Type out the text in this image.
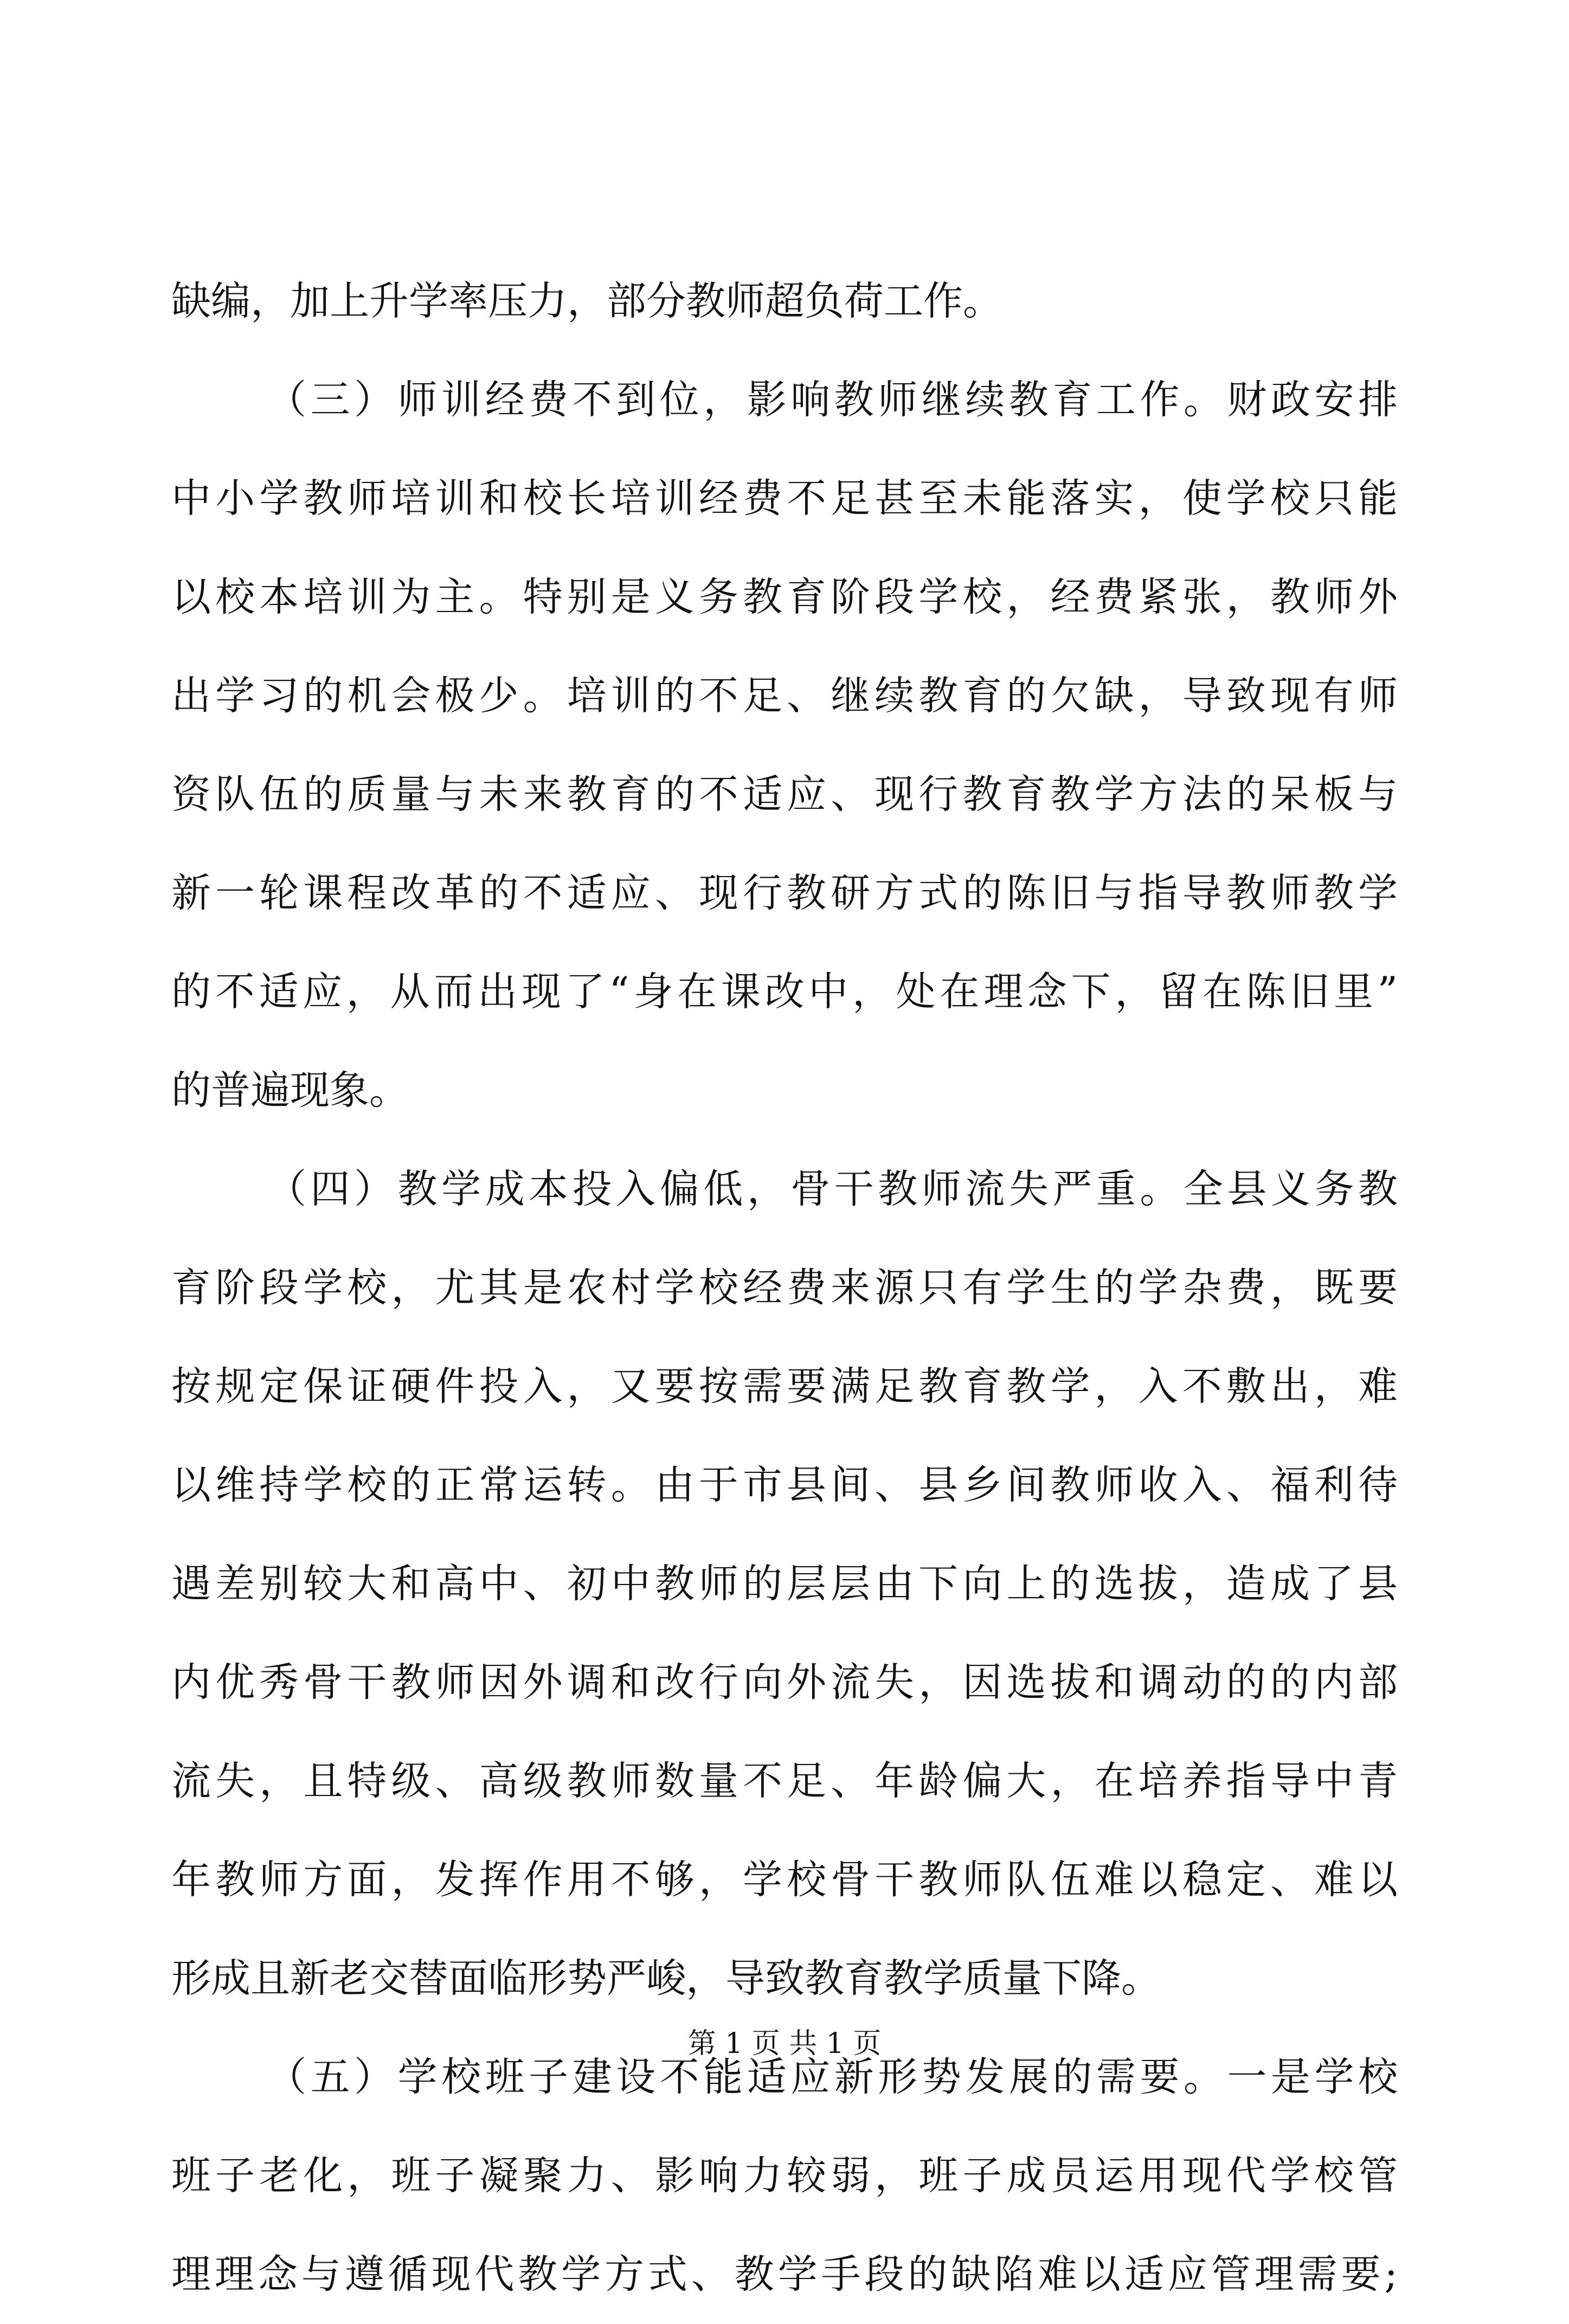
缺编，加上升学率压力，部分教师超负荷工作。
（三）师训经费不到位，影响教师继续教育工作。财政安排
中小学教师培训和校长培训经费不足甚至未能落实，使学校只能
以校本培训为主。特别是义务教育阶段学校，经费紧张，教师外
出学习的机会极少。培训的不足、继续教育的欠缺，导致现有师
资队伍的质量与未来教育的不适应、现行教育教学方法的呆板与
新一轮课程改革的不适应、现行教研方式的陈旧与指导教师教学
的不适应，从而出现了“身在课改中，处在理念下，留在陈旧里”
的普遍现象。
（四）教学成本投入偏低，骨干教师流失严重。全县义务教
育阶段学校，尤其是农村学校经费来源只有学生的学杂费，既要
按规定保证硬件投入，又要按需要满足教育教学，入不敷出，难
以维持学校的正常运转。由于市县间、县乡间教师收入、福利待
遇差别较大和高中、初中教师的层层由下向上的选拔，造成了县
内优秀骨干教师因外调和改行向外流失，因选拔和调动的的内部
流失，且特级、高级教师数量不足、年龄偏大，在培养指导中青
年教师方面，发挥作用不够，学校骨干教师队伍难以稳定、难以
形成且新老交替面临形势严峻，导致教育教学质量下降。
（五）学校班子建设不能适应新形势发展的需要。一是学校
班子老化，班子凝聚力、影响力较弱，班子成员运用现代学校管
理理念与遵循现代教学方式、教学手段的缺陷难以适应管理需要;
第 1 页 共 1 页
